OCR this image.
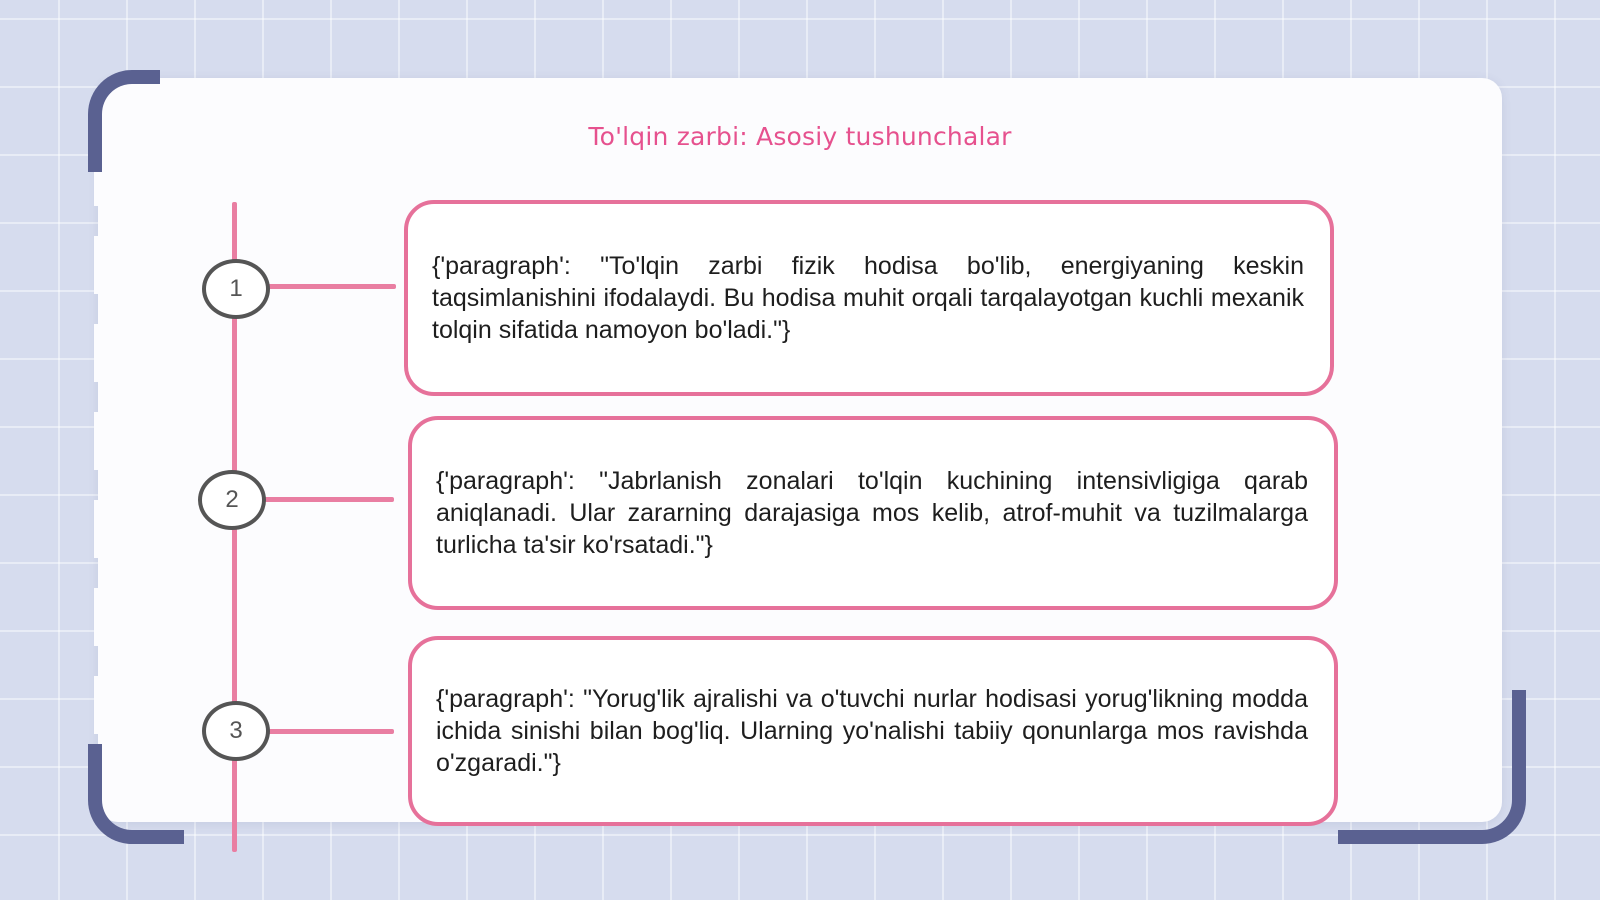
To'lqin zarbi: Asosiy tushunchalar
1
2
3

{'paragraph': "To'lqin zarbi fizik hodisa bo'lib, energiyaning keskin taqsimlanishini ifodalaydi. Bu hodisa muhit orqali tarqalayotgan kuchli mexanik tolqin sifatida namoyon bo'ladi."}

{'paragraph': "Jabrlanish zonalari to'lqin kuchining intensivligiga qarab aniqlanadi. Ular zararning darajasiga mos kelib, atrof-muhit va tuzilmalarga turlicha ta'sir ko'rsatadi."}

{'paragraph': "Yorug'lik ajralishi va o'tuvchi nurlar hodisasi yorug'likning modda ichida sinishi bilan bog'liq. Ularning yo'nalishi tabiiy qonunlarga mos ravishda o'zgaradi."}
